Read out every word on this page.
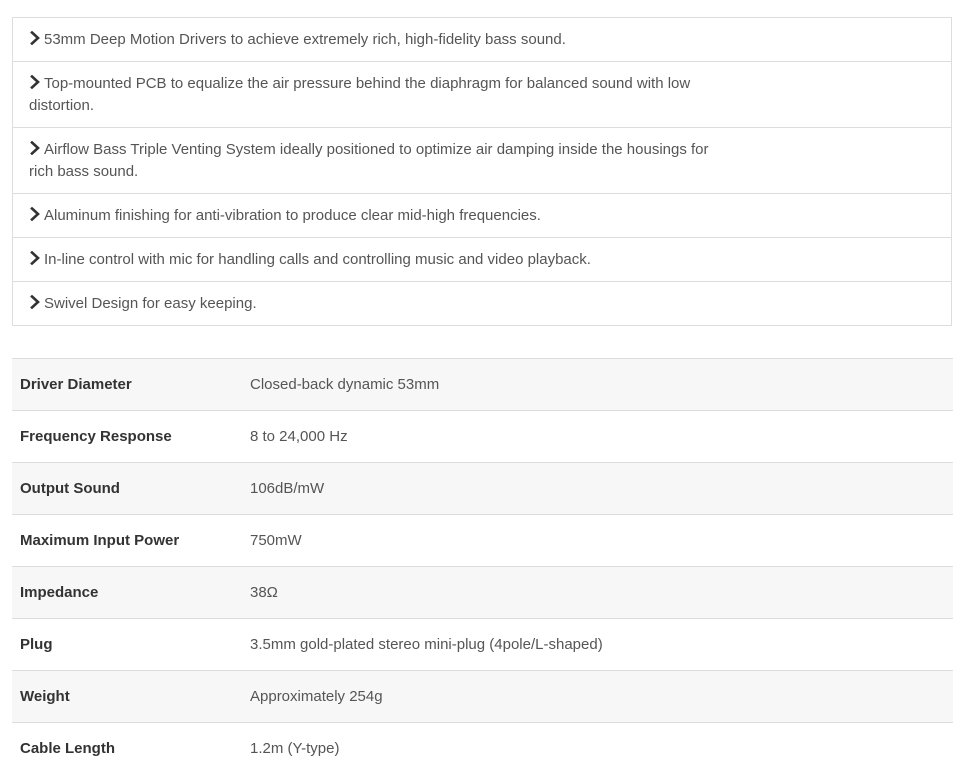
53mm Deep Motion Drivers to achieve extremely rich, high-fidelity bass sound.
Top-mounted PCB to equalize the air pressure behind the diaphragm for balanced sound with low distortion.
Airflow Bass Triple Venting System ideally positioned to optimize air damping inside the housings for rich bass sound.
Aluminum finishing for anti-vibration to produce clear mid-high frequencies.
In-line control with mic for handling calls and controlling music and video playback.
Swivel Design for easy keeping.
Driver Diameter	Closed-back dynamic 53mm
Frequency Response	8 to 24,000 Hz
Output Sound	106dB/mW
Maximum Input Power	750mW
Impedance	38Ω
Plug	3.5mm gold-plated stereo mini-plug (4pole/L-shaped)
Weight	Approximately 254g
Cable Length	1.2m (Y-type)
